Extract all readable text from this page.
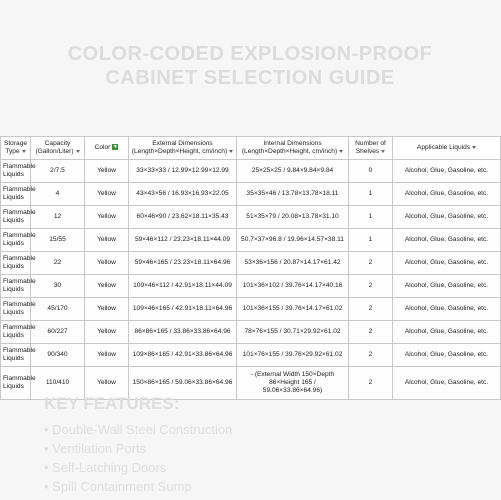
COLOR-CODED EXPLOSION-PROOF
CABINET SELECTION GUIDE
Storage Type	Capacity (Gallon/Liter)	Color ▼	External Dimensions (Length×Depth×Height, cm/inch)	Internal Dimensions (Length×Depth×Height, cm/inch)	Number of Shelves	Applicable Liquids
Flammable Liquids	2/7.5	Yellow	33×33×33 / 12.99×12.99×12.99	25×25×25 / 9.84×9.84×9.84	0	Alcohol, Glue, Gasoline, etc.
Flammable Liquids	4	Yellow	43×43×56 / 16.93×16.93×22.05	35×35×46 / 13.78×13.78×18.11	1	Alcohol, Glue, Gasoline, etc.
Flammable Liquids	12	Yellow	60×46×90 / 23.62×18.11×35.43	51×35×79 / 20.08×13.78×31.10	1	Alcohol, Glue, Gasoline, etc.
Flammable Liquids	15/55	Yellow	59×46×112 / 23.23×18.11×44.09	50.7×37×96.8 / 19.96×14.57×38.11	1	Alcohol, Glue, Gasoline, etc.
Flammable Liquids	22	Yellow	59×46×165 / 23.23×18.11×64.96	53×36×156 / 20.87×14.17×61.42	2	Alcohol, Glue, Gasoline, etc.
Flammable Liquids	30	Yellow	109×46×112 / 42.91×18.11×44.09	101×36×102 / 39.76×14.17×40.16	2	Alcohol, Glue, Gasoline, etc.
Flammable Liquids	45/170	Yellow	109×46×165 / 42.91×18.11×64.96	101×36×155 / 39.76×14.17×61.02	2	Alcohol, Glue, Gasoline, etc.
Flammable Liquids	60/227	Yellow	86×86×165 / 33.86×33.86×64.96	78×76×155 / 30.71×29.92×61.02	2	Alcohol, Glue, Gasoline, etc.
Flammable Liquids	90/340	Yellow	109×86×165 / 42.91×33.86×64.96	101×76×155 / 39.76×29.92×61.02	2	Alcohol, Glue, Gasoline, etc.
Flammable Liquids	110/410	Yellow	150×86×165 / 59.06×33.86×64.96	- (External Width 150×Depth 86×Height 165 / 59.06×33.86×64.96)	2	Alcohol, Glue, Gasoline, etc.
KEY FEATURES:
• Double-Wall Steel Construction
• Ventilation Ports
• Self-Latching Doors
• Spill Containment Sump
